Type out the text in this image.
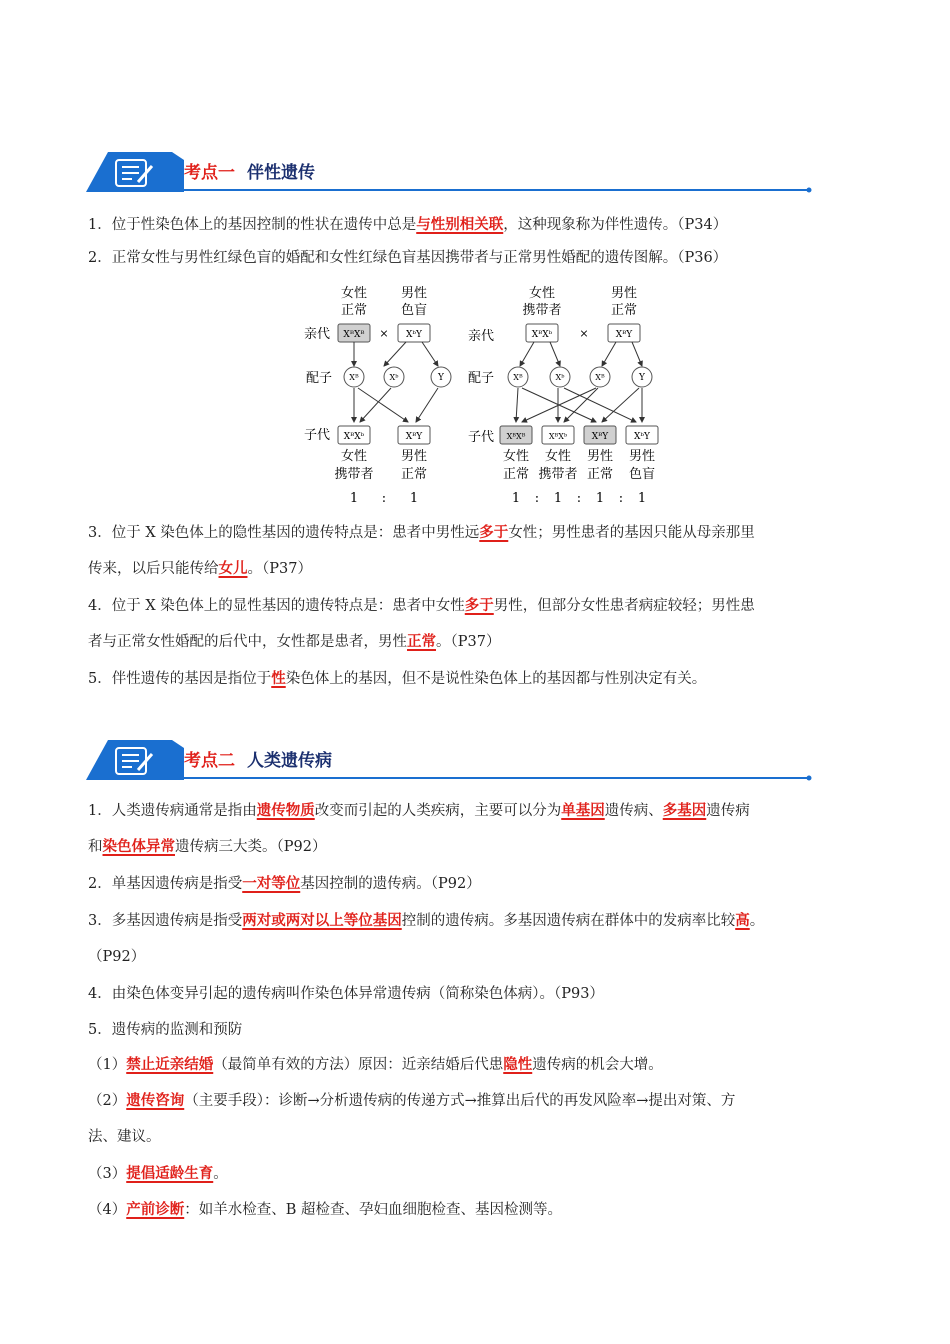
考点一 伴性遗传
1．位于性染色体上的基因控制的性状在遗传中总是与性别相关联，这种现象称为伴性遗传。（P34）
2．正常女性与男性红绿色盲的婚配和女性红绿色盲基因携带者与正常男性婚配的遗传图解。（P36）
女性
正常
男性
色盲
亲代 XᴮXᴮ × XᵇY
配子 Xᴮ	Xᵇ	Y
子代 XᴮXᵇ	XᴮY
女性
携带者
男性
正常
1 : 1
女性
携带者
男性
正常
亲代	XᴮXᵇ ×	XᴮY
配子 Xᴮ	Xᵇ	Xᴮ	Y
子代 XᴮXᴮ	XᴮXᵇ	XᴮY	XᵇY
女性
正常
女性
携带者
男性
正常
男性
色盲
1 : 1 : 1 : 1
3．位于 X 染色体上的隐性基因的遗传特点是：患者中男性远多于女性；男性患者的基因只能从母亲那里
传来，以后只能传给女儿。（P37）
4．位于 X 染色体上的显性基因的遗传特点是：患者中女性多于男性，但部分女性患者病症较轻；男性患
者与正常女性婚配的后代中，女性都是患者，男性正常。（P37）
5．伴性遗传的基因是指位于性染色体上的基因，但不是说性染色体上的基因都与性别决定有关。
考点二 人类遗传病
1．人类遗传病通常是指由遗传物质改变而引起的人类疾病，主要可以分为单基因遗传病、多基因遗传病
和染色体异常遗传病三大类。（P92）
2．单基因遗传病是指受一对等位基因控制的遗传病。（P92）
3．多基因遗传病是指受两对或两对以上等位基因控制的遗传病。多基因遗传病在群体中的发病率比较高。
（P92）
4．由染色体变异引起的遗传病叫作染色体异常遗传病（简称染色体病）。（P93）
5．遗传病的监测和预防
（1）禁止近亲结婚（最简单有效的方法）原因：近亲结婚后代患隐性遗传病的机会大增。
（2）遗传咨询（主要手段）：诊断→分析遗传病的传递方式→推算出后代的再发风险率→提出对策、方
法、建议。
（3）提倡适龄生育。
（4）产前诊断：如羊水检查、B 超检查、孕妇血细胞检查、基因检测等。
